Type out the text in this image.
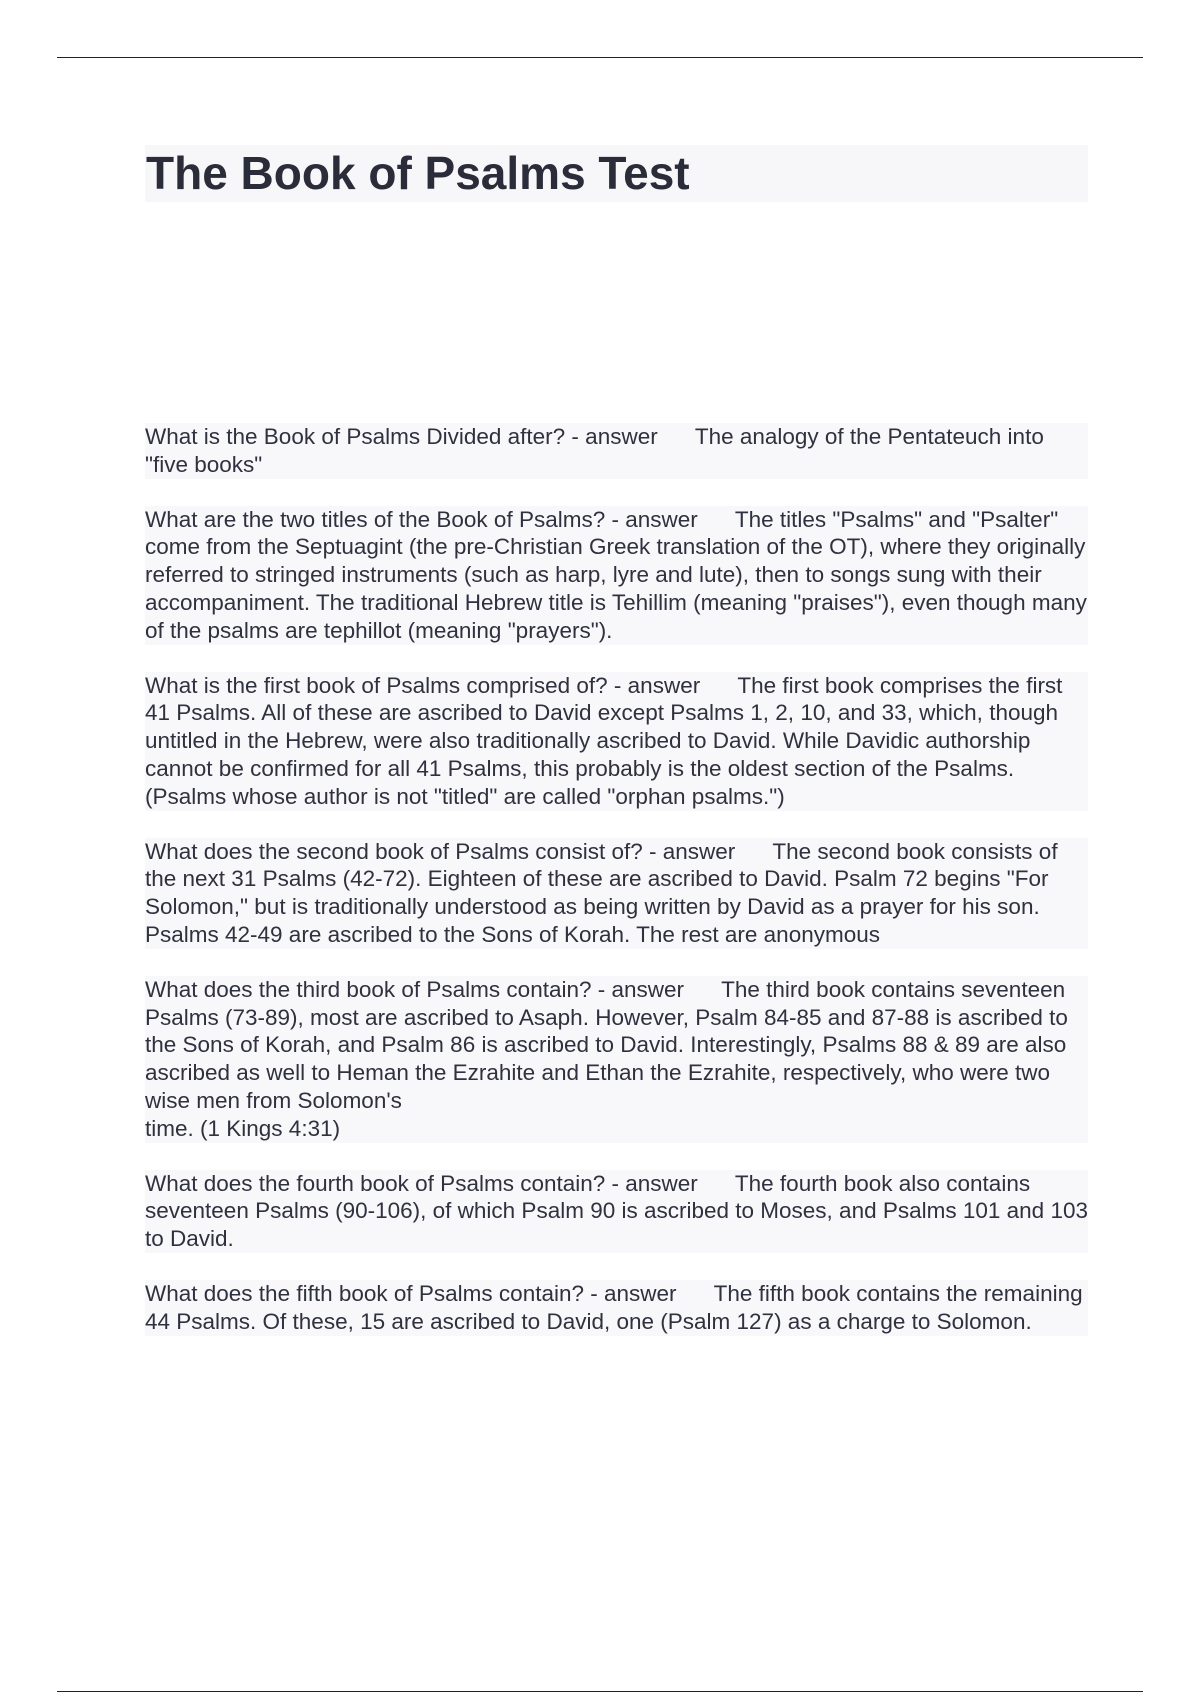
The Book of Psalms Test

What is the Book of Psalms Divided after? - answer The analogy of the Pentateuch into "five books"

What are the two titles of the Book of Psalms? - answer The titles "Psalms" and "Psalter" come from the Septuagint (the pre-Christian Greek translation of the OT), where they originally referred to stringed instruments (such as harp, lyre and lute), then to songs sung with their accompaniment. The traditional Hebrew title is Tehillim (meaning "praises"), even though many of the psalms are tephillot (meaning "prayers").

What is the first book of Psalms comprised of? - answer The first book comprises the first 41 Psalms. All of these are ascribed to David except Psalms 1, 2, 10, and 33, which, though untitled in the Hebrew, were also traditionally ascribed to David. While Davidic authorship cannot be confirmed for all 41 Psalms, this probably is the oldest section of the Psalms. (Psalms whose author is not "titled" are called "orphan psalms.")

What does the second book of Psalms consist of? - answer The second book consists of the next 31 Psalms (42-72). Eighteen of these are ascribed to David. Psalm 72 begins "For Solomon," but is traditionally understood as being written by David as a prayer for his son. Psalms 42-49 are ascribed to the Sons of Korah. The rest are anonymous

What does the third book of Psalms contain? - answer The third book contains seventeen Psalms (73-89), most are ascribed to Asaph. However, Psalm 84-85 and 87-88 is ascribed to the Sons of Korah, and Psalm 86 is ascribed to David. Interestingly, Psalms 88 & 89 are also ascribed as well to Heman the Ezrahite and Ethan the Ezrahite, respectively, who were two wise men from Solomon's
time. (1 Kings 4:31)

What does the fourth book of Psalms contain? - answer The fourth book also contains seventeen Psalms (90-106), of which Psalm 90 is ascribed to Moses, and Psalms 101 and 103 to David.

What does the fifth book of Psalms contain? - answer The fifth book contains the remaining 44 Psalms. Of these, 15 are ascribed to David, one (Psalm 127) as a charge to Solomon.
